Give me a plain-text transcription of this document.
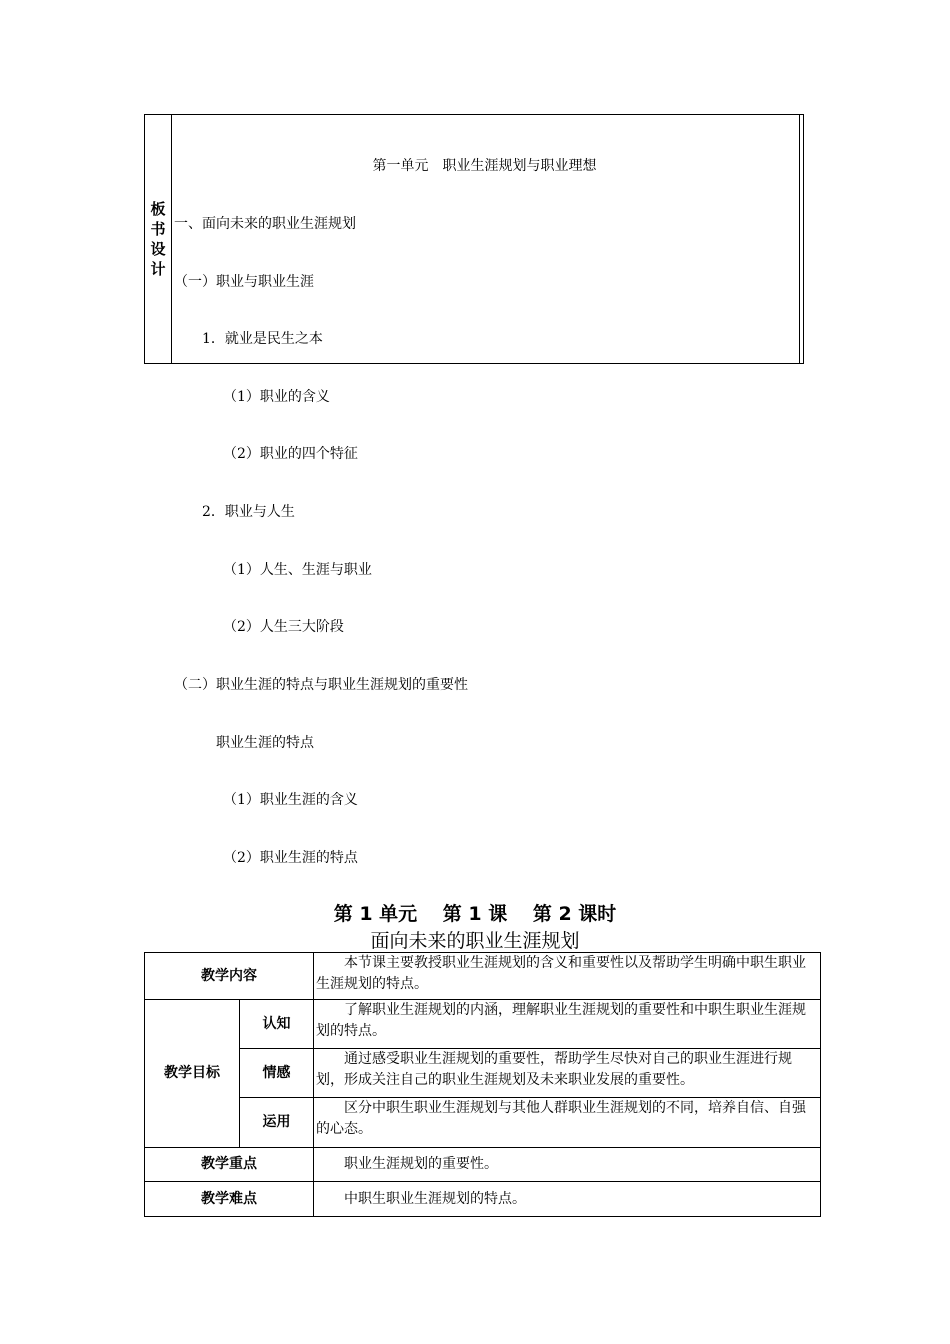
板书设计

第一单元　职业生涯规划与职业理想

一、面向未来的职业生涯规划

（一）职业与职业生涯

　　1．就业是民生之本

　　　　（1）职业的含义

　　　　（2）职业的四个特征

　　2．职业与人生

　　　　（1）人生、生涯与职业

　　　　（2）人生三大阶段

（二）职业生涯的特点与职业生涯规划的重要性

　　　职业生涯的特点

　　　　（1）职业生涯的含义

　　　　（2）职业生涯的特点

第 1 单元　 第 1 课　 第 2 课时
面向未来的职业生涯规划
教学内容		本节课主要教授职业生涯规划的含义和重要性以及帮助学生明确中职生职业生涯规划的特点。
教学目标	认知	了解职业生涯规划的内涵，理解职业生涯规划的重要性和中职生职业生涯规划的特点。
	情感	通过感受职业生涯规划的重要性，帮助学生尽快对自己的职业生涯进行规划，形成关注自己的职业生涯规划及未来职业发展的重要性。
	运用	区分中职生职业生涯规划与其他人群职业生涯规划的不同，培养自信、自强的心态。
教学重点		职业生涯规划的重要性。
教学难点		中职生职业生涯规划的特点。
